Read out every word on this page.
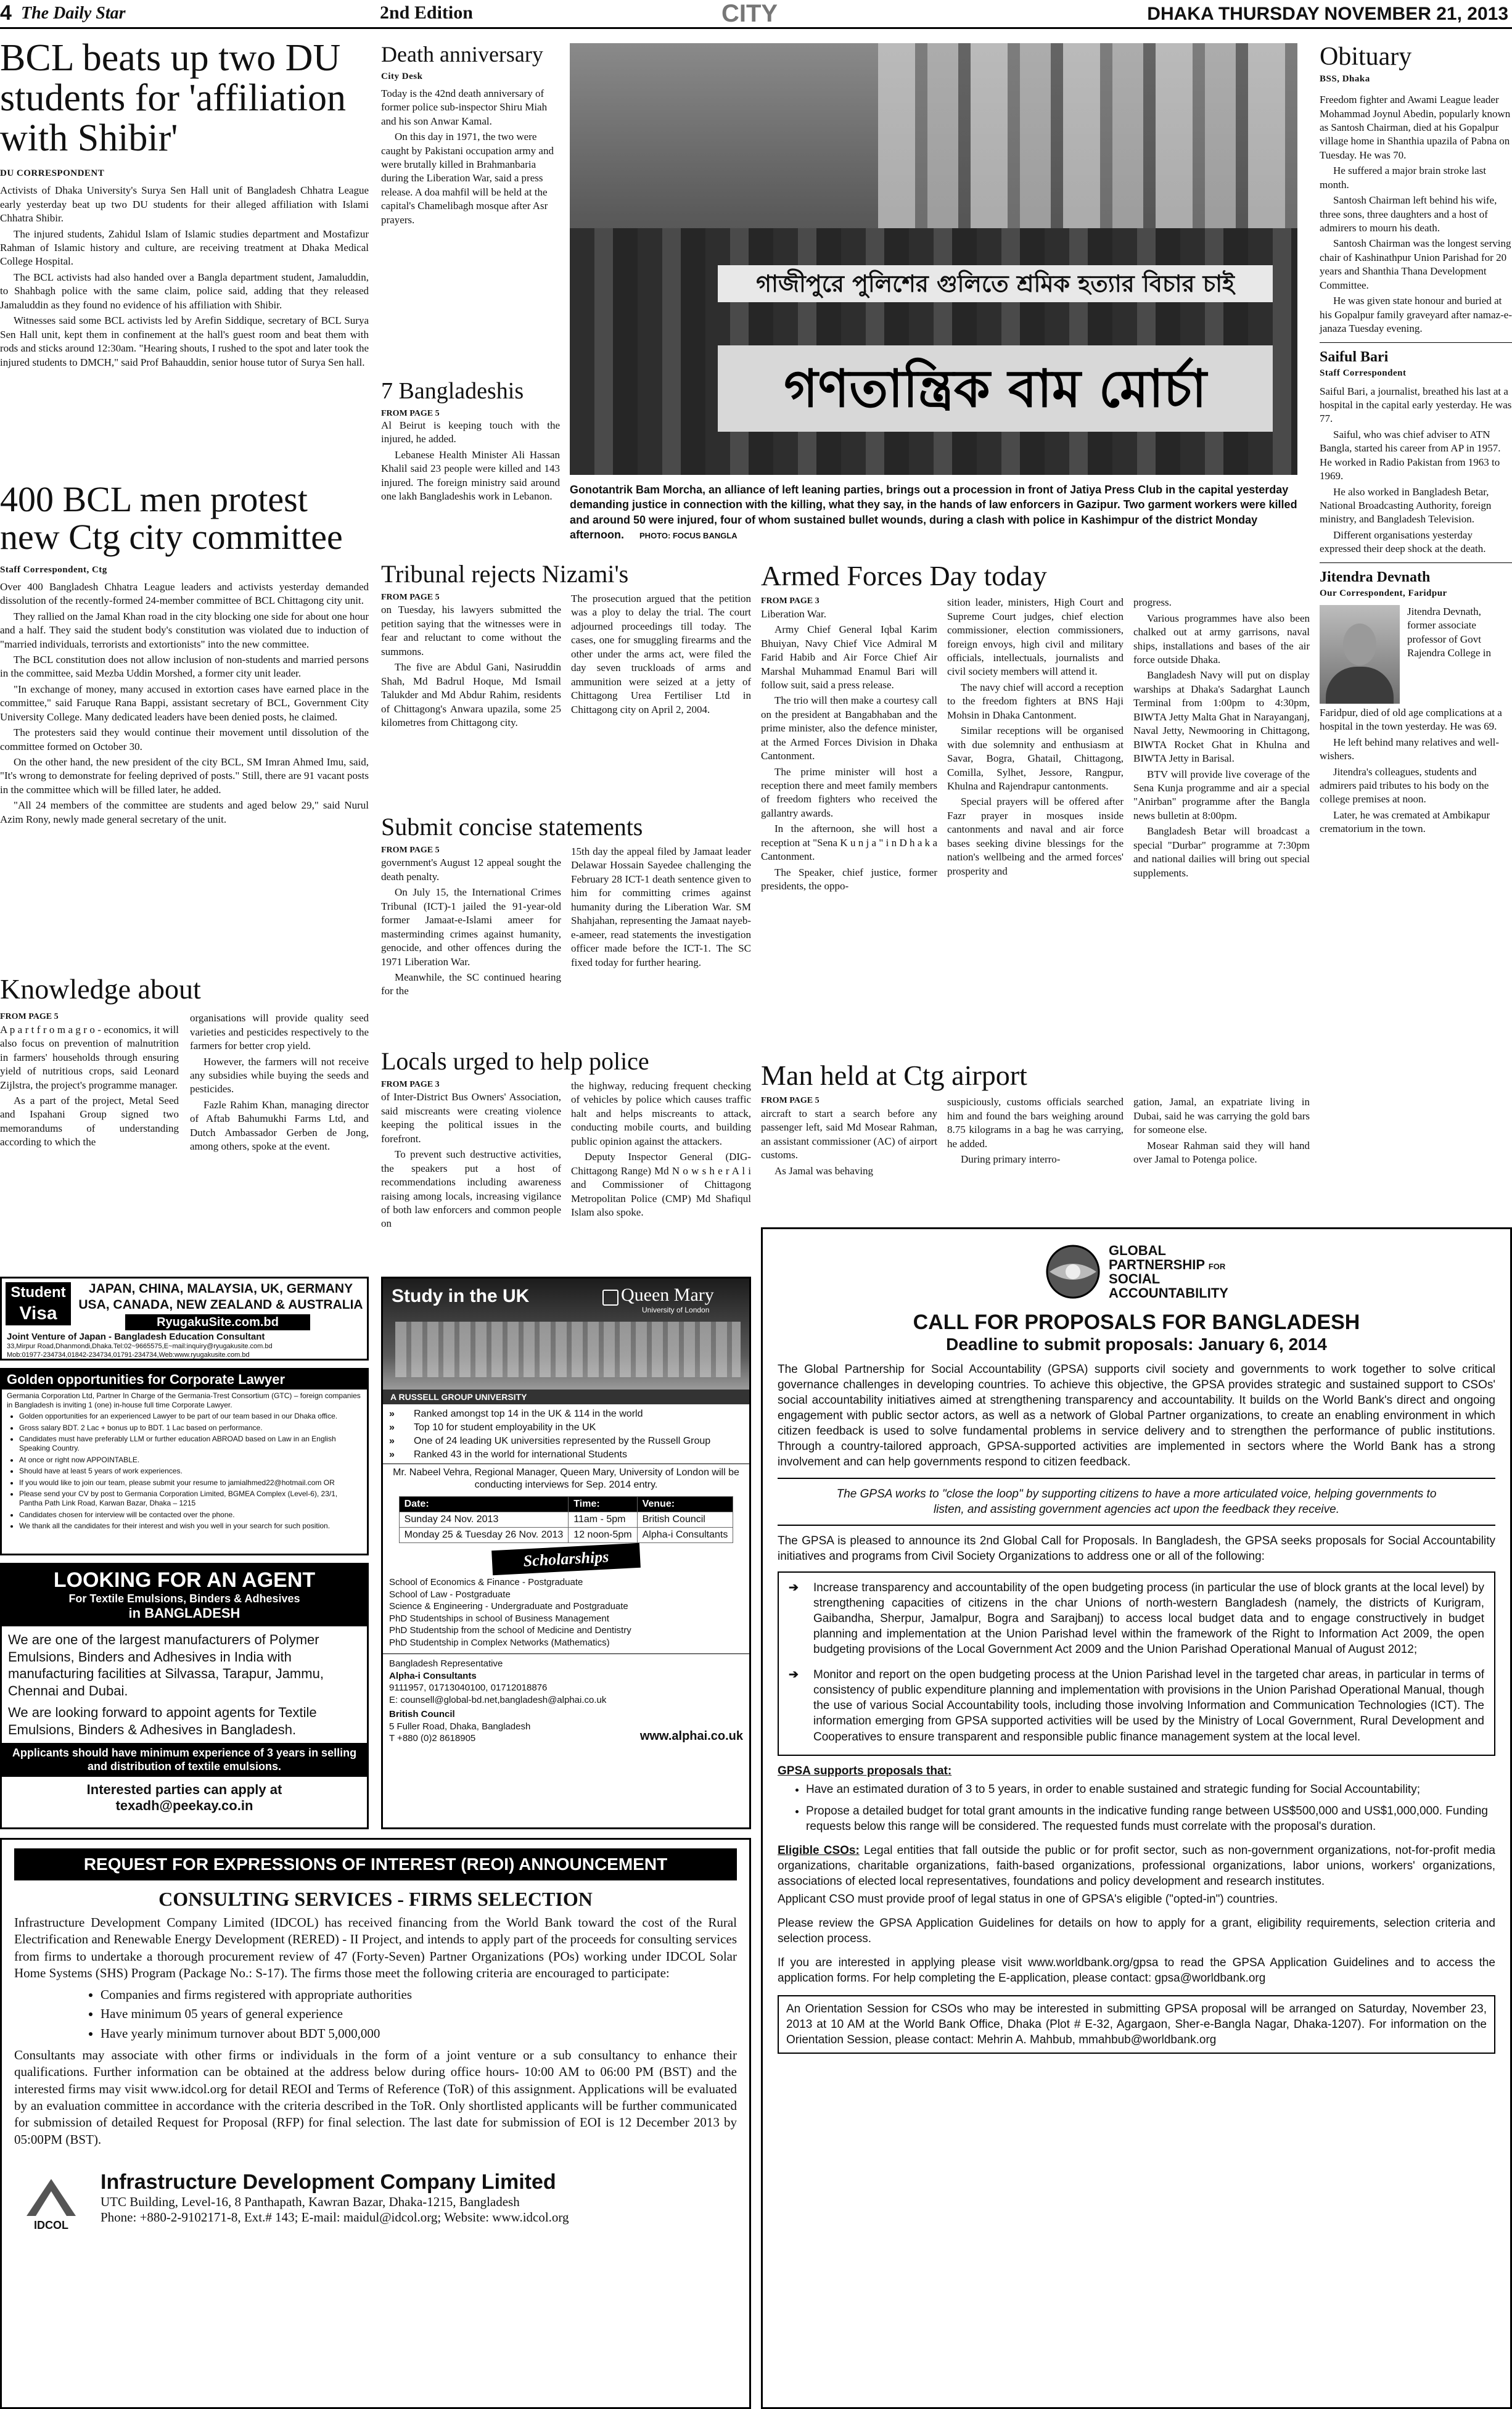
4 The Daily Star	2nd Edition	CITY	DHAKA THURSDAY NOVEMBER 21, 2013
BCL beats up two DU students for 'affiliation with Shibir'
DU CORRESPONDENT

Activists of Dhaka University's Surya Sen Hall unit of Bangladesh Chhatra League early yesterday beat up two DU students for their alleged affiliation with Islami Chhatra Shibir.

The injured students, Zahidul Islam of Islamic studies department and Mostafizur Rahman of Islamic history and culture, are receiving treatment at Dhaka Medical College Hospital.

The BCL activists had also handed over a Bangla department student, Jamaluddin, to Shahbagh police with the same claim, police said, adding that they released Jamaluddin as they found no evidence of his affiliation with Shibir.

Witnesses said some BCL activists led by Arefin Siddique, secretary of BCL Surya Sen Hall unit, kept them in confinement at the hall's guest room and beat them with rods and sticks around 12:30am. "Hearing shouts, I rushed to the spot and later took the injured students to DMCH," said Prof Bahauddin, senior house tutor of Surya Sen hall.

400 BCL men protest new Ctg city committee
Staff Correspondent, Ctg

Over 400 Bangladesh Chhatra League leaders and activists yesterday demanded dissolution of the recently-formed 24-member committee of BCL Chittagong city unit.

They rallied on the Jamal Khan road in the city blocking one side for about one hour and a half. They said the student body's constitution was violated due to induction of "married individuals, terrorists and extortionists" into the new committee.

The BCL constitution does not allow inclusion of non-students and married persons in the committee, said Mezba Uddin Morshed, a former city unit leader.

"In exchange of money, many accused in extortion cases have earned place in the committee," said Faruque Rana Bappi, assistant secretary of BCL, Government City University College. Many dedicated leaders have been denied posts, he claimed.

The protesters said they would continue their movement until dissolution of the committee formed on October 30.

On the other hand, the new president of the city BCL, SM Imran Ahmed Imu, said, "It's wrong to demonstrate for feeling deprived of posts." Still, there are 91 vacant posts in the committee which will be filled later, he added.

"All 24 members of the committee are students and aged below 29," said Nurul Azim Rony, newly made general secretary of the unit.

Knowledge about
FROM PAGE 5

A p a r t f r o m a g r o - economics, it will also focus on prevention of malnutrition in farmers' households through ensuring yield of nutritious crops, said Leonard Zijlstra, the project's programme manager.

As a part of the project, Metal Seed and Ispahani Group signed two memorandums of understanding according to which the

organisations will provide quality seed varieties and pesticides respectively to the farmers for better crop yield.

However, the farmers will not receive any subsidies while buying the seeds and pesticides.

Fazle Rahim Khan, managing director of Aftab Bahumukhi Farms Ltd, and Dutch Ambassador Gerben de Jong, among others, spoke at the event.

Death anniversary
City Desk

Today is the 42nd death anniversary of former police sub-inspector Shiru Miah and his son Anwar Kamal.

On this day in 1971, the two were caught by Pakistani occupation army and were brutally killed in Brahmanbaria during the Liberation War, said a press release. A doa mahfil will be held at the capital's Chamelibagh mosque after Asr prayers.

7 Bangladeshis
FROM PAGE 5

Al Beirut is keeping touch with the injured, he added.

Lebanese Health Minister Ali Hassan Khalil said 23 people were killed and 143 injured. The foreign ministry said around one lakh Bangladeshis work in Lebanon.

গাজীপুরে পুলিশের গুলিতে শ্রমিক হত্যার বিচার চাই
গণতান্ত্রিক বাম মোর্চা
Gonotantrik Bam Morcha, an alliance of left leaning parties, brings out a procession in front of Jatiya Press Club in the capital yesterday demanding justice in connection with the killing, what they say, in the hands of law enforcers in Gazipur. Two garment workers were killed and around 50 were injured, four of whom sustained bullet wounds, during a clash with police in Kashimpur of the district Monday afternoon. PHOTO: FOCUS BANGLA
Obituary
BSS, Dhaka

Freedom fighter and Awami League leader Mohammad Joynul Abedin, popularly known as Santosh Chairman, died at his Gopalpur village home in Shanthia upazila of Pabna on Tuesday. He was 70.

He suffered a major brain stroke last month.

Santosh Chairman left behind his wife, three sons, three daughters and a host of admirers to mourn his death.

Santosh Chairman was the longest serving chair of Kashinathpur Union Parishad for 20 years and Shanthia Thana Development Committee.

He was given state honour and buried at his Gopalpur family graveyard after namaz-e-janaza Tuesday evening.

Saiful Bari
Staff Correspondent

Saiful Bari, a journalist, breathed his last at a hospital in the capital early yesterday. He was 77.

Saiful, who was chief adviser to ATN Bangla, started his career from AP in 1957. He worked in Radio Pakistan from 1963 to 1969.

He also worked in Bangladesh Betar, National Broadcasting Authority, foreign ministry, and Bangladesh Television.

Different organisations yesterday expressed their deep shock at the death.

Jitendra Devnath
Our Correspondent, Faridpur

Jitendra Devnath, former associate professor of Govt Rajendra College in

Faridpur, died of old age complications at a hospital in the town yesterday. He was 69.

He left behind many relatives and well-wishers.

Jitendra's colleagues, students and admirers paid tributes to his body on the college premises at noon.

Later, he was cremated at Ambikapur crematorium in the town.

Tribunal rejects Nizami's
FROM PAGE 5

on Tuesday, his lawyers submitted the petition saying that the witnesses were in fear and reluctant to come without the summons.

The five are Abdul Gani, Nasiruddin Shah, Md Badrul Hoque, Md Ismail Talukder and Md Abdur Rahim, residents of Chittagong's Anwara upazila, some 25 kilometres from Chittagong city.

The prosecution argued that the petition was a ploy to delay the trial. The court adjourned proceedings till today. The cases, one for smuggling firearms and the other under the arms act, were filed the day seven truckloads of arms and ammunition were seized at a jetty of Chittagong Urea Fertiliser Ltd in Chittagong city on April 2, 2004.

Submit concise statements
FROM PAGE 5

government's August 12 appeal sought the death penalty.

On July 15, the International Crimes Tribunal (ICT)-1 jailed the 91-year-old former Jamaat-e-Islami ameer for masterminding crimes against humanity, genocide, and other offences during the 1971 Liberation War.

Meanwhile, the SC continued hearing for the

15th day the appeal filed by Jamaat leader Delawar Hossain Sayedee challenging the February 28 ICT-1 death sentence given to him for committing crimes against humanity during the Liberation War. SM Shahjahan, representing the Jamaat nayeb-e-ameer, read statements the investigation officer made before the ICT-1. The SC fixed today for further hearing.

Locals urged to help police
FROM PAGE 3

of Inter-District Bus Owners' Association, said miscreants were creating violence keeping the political issues in the forefront.

To prevent such destructive activities, the speakers put a host of recommendations including awareness raising among locals, increasing vigilance of both law enforcers and common people on

the highway, reducing frequent checking of vehicles by police which causes traffic halt and helps miscreants to attack, conducting mobile courts, and building public opinion against the attackers.

Deputy Inspector General (DIG-Chittagong Range) Md N o w s h e r A l i and Commissioner of Chittagong Metropolitan Police (CMP) Md Shafiqul Islam also spoke.

Armed Forces Day today
FROM PAGE 3

Liberation War.

Army Chief General Iqbal Karim Bhuiyan, Navy Chief Vice Admiral M Farid Habib and Air Force Chief Air Marshal Muhammad Enamul Bari will follow suit, said a press release.

The trio will then make a courtesy call on the president at Bangabhaban and the prime minister, also the defence minister, at the Armed Forces Division in Dhaka Cantonment.

The prime minister will host a reception there and meet family members of freedom fighters who received the gallantry awards.

In the afternoon, she will host a reception at "Sena K u n j a " i n D h a k a Cantonment.

The Speaker, chief justice, former presidents, the oppo-

sition leader, ministers, High Court and Supreme Court judges, chief election commissioner, election commissioners, foreign envoys, high civil and military officials, intellectuals, journalists and civil society members will attend it.

The navy chief will accord a reception to the freedom fighters at BNS Haji Mohsin in Dhaka Cantonment.

Similar receptions will be organised with due solemnity and enthusiasm at Savar, Bogra, Ghatail, Chittagong, Comilla, Sylhet, Jessore, Rangpur, Khulna and Rajendrapur cantonments.

Special prayers will be offered after Fazr prayer in mosques inside cantonments and naval and air force bases seeking divine blessings for the nation's wellbeing and the armed forces' prosperity and

progress.

Various programmes have also been chalked out at army garrisons, naval ships, installations and bases of the air force outside Dhaka.

Bangladesh Navy will put on display warships at Dhaka's Sadarghat Launch Terminal from 1:00pm to 4:30pm, BIWTA Jetty Malta Ghat in Narayanganj, Naval Jetty, Newmooring in Chittagong, BIWTA Rocket Ghat in Khulna and BIWTA Jetty in Barisal.

BTV will provide live coverage of the Sena Kunja programme and air a special "Anirban" programme after the Bangla news bulletin at 8:00pm.

Bangladesh Betar will broadcast a special "Durbar" programme at 7:30pm and national dailies will bring out special supplements.

Man held at Ctg airport
FROM PAGE 5

aircraft to start a search before any passenger left, said Md Mosear Rahman, an assistant commissioner (AC) of airport customs.

As Jamal was behaving

suspiciously, customs officials searched him and found the bars weighing around 8.75 kilograms in a bag he was carrying, he added.

During primary interro-

gation, Jamal, an expatriate living in Dubai, said he was carrying the gold bars for someone else.

Mosear Rahman said they will hand over Jamal to Potenga police.

Student
Visa
JAPAN, CHINA, MALAYSIA, UK, GERMANY USA, CANADA, NEW ZEALAND & AUSTRALIA
RyugakuSite.com.bd
Joint Venture of Japan - Bangladesh Education Consultant
33,Mirpur Road,Dhanmondi,Dhaka.Tel:02~9665575,E~mail:inquiry@ryugakusite.com.bd
Mob:01977-234734,01842-234734,01791-234734,Web:www.ryugakusite.com.bd
Golden opportunities for Corporate Lawyer
Germania Corporation Ltd, Partner In Charge of the Germania-Trest Consortium (GTC) – foreign companies in Bangladesh is inviting 1 (one) in-house full time Corporate Lawyer.
• Golden opportunities for an experienced Lawyer to be part of our team based in our Dhaka office.
• Gross salary BDT. 2 Lac + bonus up to BDT. 1 Lac based on performance.
• Candidates must have preferably LLM or further education ABROAD based on Law in an English Speaking Country.
• At once or right now APPOINTABLE.
• Should have at least 5 years of work experiences.
• If you would like to join our team, please submit your resume to jamialhmed22@hotmail.com OR
• Please send your CV by post to Germania Corporation Limited, BGMEA Complex (Level-6), 23/1, Pantha Path Link Road, Karwan Bazar, Dhaka – 1215
• Candidates chosen for interview will be contacted over the phone.
• We thank all the candidates for their interest and wish you well in your search for such position.
LOOKING FOR AN AGENT
For Textile Emulsions, Binders & Adhesives
in BANGLADESH
We are one of the largest manufacturers of Polymer Emulsions, Binders and Adhesives in India with manufacturing facilities at Silvassa, Tarapur, Jammu, Chennai and Dubai.
We are looking forward to appoint agents for Textile Emulsions, Binders & Adhesives in Bangladesh.
Applicants should have minimum experience of 3 years in selling and distribution of textile emulsions.
Interested parties can apply at
texadh@peekay.co.in
Study in the UK	Queen Mary
University of London
A RUSSELL GROUP UNIVERSITY
»	Ranked amongst top 14 in the UK & 114 in the world
»	Top 10 for student employability in the UK
»	One of 24 leading UK universities represented by the Russell Group
»	Ranked 43 in the world for international Students
Mr. Nabeel Vehra, Regional Manager, Queen Mary, University of London will be conducting interviews for Sep. 2014 entry.
Date:	Time:	Venue:
Sunday 24 Nov. 2013	11am - 5pm	British Council
Monday 25 & Tuesday 26 Nov. 2013	12 noon-5pm	Alpha-i Consultants
Scholarships
School of Economics & Finance - Postgraduate
School of Law - Postgraduate
Science & Engineering - Undergraduate and Postgraduate
PhD Studentships in school of Business Management
PhD Studentship from the school of Medicine and Dentistry
PhD Studentship in Complex Networks (Mathematics)
Bangladesh Representative
Alpha-i Consultants
9111957, 01713040100, 01712018876
E: counsell@global-bd.net,bangladesh@alphai.co.uk
British Council
5 Fuller Road, Dhaka, Bangladesh
T +880 (0)2 8618905	www.alphai.co.uk
GLOBAL
PARTNERSHIP FOR
SOCIAL
ACCOUNTABILITY
CALL FOR PROPOSALS FOR BANGLADESH
Deadline to submit proposals: January 6, 2014
The Global Partnership for Social Accountability (GPSA) supports civil society and governments to work together to solve critical governance challenges in developing countries. To achieve this objective, the GPSA provides strategic and sustained support to CSOs' social accountability initiatives aimed at strengthening transparency and accountability. It builds on the World Bank's direct and ongoing engagement with public sector actors, as well as a network of Global Partner organizations, to create an enabling environment in which citizen feedback is used to solve fundamental problems in service delivery and to strengthen the performance of public institutions. Through a country-tailored approach, GPSA-supported activities are implemented in sectors where the World Bank has a strong involvement and can help governments respond to citizen feedback.
The GPSA works to "close the loop" by supporting citizens to have a more articulated voice, helping governments to listen, and assisting government agencies act upon the feedback they receive.
The GPSA is pleased to announce its 2nd Global Call for Proposals. In Bangladesh, the GPSA seeks proposals for Social Accountability initiatives and programs from Civil Society Organizations to address one or all of the following:
➔	Increase transparency and accountability of the open budgeting process (in particular the use of block grants at the local level) by strengthening capacities of citizens in the char Unions of north-western Bangladesh (namely, the districts of Kurigram, Gaibandha, Sherpur, Jamalpur, Bogra and Sarajbanj) to access local budget data and to engage constructively in budget planning and implementation at the Union Parishad level within the framework of the Right to Information Act 2009, the open budgeting provisions of the Local Government Act 2009 and the Union Parishad Operational Manual of August 2012;
➔	Monitor and report on the open budgeting process at the Union Parishad level in the targeted char areas, in particular in terms of consistency of public expenditure planning and implementation with provisions in the Union Parishad Operational Manual, though the use of various Social Accountability tools, including those involving Information and Communication Technologies (ICT). The information emerging from GPSA supported activities will be used by the Ministry of Local Government, Rural Development and Cooperatives to ensure transparent and responsible public finance management system at the local level.
GPSA supports proposals that:
• Have an estimated duration of 3 to 5 years, in order to enable sustained and strategic funding for Social Accountability;
• Propose a detailed budget for total grant amounts in the indicative funding range between US$500,000 and US$1,000,000. Funding requests below this range will be considered. The requested funds must correlate with the proposal's duration.
Eligible CSOs: Legal entities that fall outside the public or for profit sector, such as non-government organizations, not-for-profit media organizations, charitable organizations, faith-based organizations, professional organizations, labor unions, workers' organizations, associations of elected local representatives, foundations and policy development and research institutes.
Applicant CSO must provide proof of legal status in one of GPSA's eligible ("opted-in") countries.
Please review the GPSA Application Guidelines for details on how to apply for a grant, eligibility requirements, selection criteria and selection process.
If you are interested in applying please visit www.worldbank.org/gpsa to read the GPSA Application Guidelines and to access the application forms. For help completing the E-application, please contact: gpsa@worldbank.org
An Orientation Session for CSOs who may be interested in submitting GPSA proposal will be arranged on Saturday, November 23, 2013 at 10 AM at the World Bank Office, Dhaka (Plot # E-32, Agargaon, Sher-e-Bangla Nagar, Dhaka-1207). For information on the Orientation Session, please contact: Mehrin A. Mahbub, mmahbub@worldbank.org
REQUEST FOR EXPRESSIONS OF INTEREST (REOI) ANNOUNCEMENT
CONSULTING SERVICES - FIRMS SELECTION
Infrastructure Development Company Limited (IDCOL) has received financing from the World Bank toward the cost of the Rural Electrification and Renewable Energy Development (RERED) - II Project, and intends to apply part of the proceeds for consulting services from firms to undertake a thorough procurement review of 47 (Forty-Seven) Partner Organizations (POs) working under IDCOL Solar Home Systems (SHS) Program (Package No.: S-17). The firms those meet the following criteria are encouraged to participate:
• Companies and firms registered with appropriate authorities
• Have minimum 05 years of general experience
• Have yearly minimum turnover about BDT 5,000,000
Consultants may associate with other firms or individuals in the form of a joint venture or a sub consultancy to enhance their qualifications. Further information can be obtained at the address below during office hours- 10:00 AM to 06:00 PM (BST) and the interested firms may visit www.idcol.org for detail REOI and Terms of Reference (ToR) of this assignment. Applications will be evaluated by an evaluation committee in accordance with the criteria described in the ToR. Only shortlisted applicants will be further communicated for submission of detailed Request for Proposal (RFP) for final selection. The last date for submission of EOI is 12 December 2013 by 05:00PM (BST).
IDCOL
Infrastructure Development Company Limited
UTC Building, Level-16, 8 Panthapath, Kawran Bazar, Dhaka-1215, Bangladesh
Phone: +880-2-9102171-8, Ext.# 143; E-mail: maidul@idcol.org; Website: www.idcol.org
